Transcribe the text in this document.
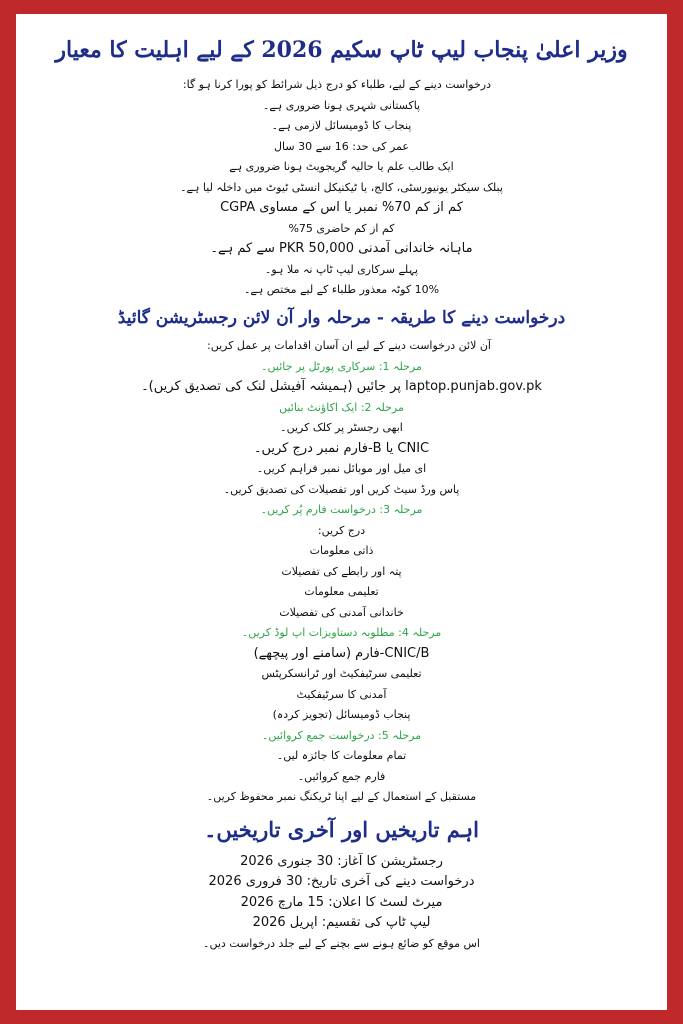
وزیر اعلیٰ پنجاب لیپ ٹاپ سکیم 2026 کے لیے اہلیت کا معیار
درخواست دینے کے لیے، طلباء کو درج ذیل شرائط کو پورا کرنا ہو گا:
پاکستانی شہری ہونا ضروری ہے۔
پنجاب کا ڈومیسائل لازمی ہے۔
عمر کی حد: 16 سے 30 سال
ایک طالب علم یا حالیہ گریجویٹ ہونا ضروری ہے
پبلک سیکٹر یونیورسٹی، کالج، یا ٹیکنیکل انسٹی ٹیوٹ میں داخلہ لیا ہے۔
کم از کم 70% نمبر یا اس کے مساوی CGPA
کم از کم حاضری 75%
ماہانہ خاندانی آمدنی PKR 50,000 سے کم ہے۔
پہلے سرکاری لیپ ٹاپ نہ ملا ہو۔
10% کوٹہ معذور طلباء کے لیے مختص ہے۔
درخواست دینے کا طریقہ - مرحلہ وار آن لائن رجسٹریشن گائیڈ
آن لائن درخواست دینے کے لیے ان آسان اقدامات پر عمل کریں:
مرحلہ 1: سرکاری پورٹل پر جائیں۔
laptop.punjab.gov.pk پر جائیں (ہمیشہ آفیشل لنک کی تصدیق کریں)۔
مرحلہ 2: ایک اکاؤنٹ بنائیں
ابھی رجسٹر پر کلک کریں۔
CNIC یا B-فارم نمبر درج کریں۔
ای میل اور موبائل نمبر فراہم کریں۔
پاس ورڈ سیٹ کریں اور تفصیلات کی تصدیق کریں۔
مرحلہ 3: درخواست فارم پُر کریں۔
درج کریں:
ذاتی معلومات
پتہ اور رابطے کی تفصیلات
تعلیمی معلومات
خاندانی آمدنی کی تفصیلات
مرحلہ 4: مطلوبہ دستاویزات اپ لوڈ کریں۔
CNIC/B-فارم (سامنے اور پیچھے)
تعلیمی سرٹیفکیٹ اور ٹرانسکرپٹس
آمدنی کا سرٹیفکیٹ
پنجاب ڈومیسائل (تجویز کردہ)
مرحلہ 5: درخواست جمع کروائیں۔
تمام معلومات کا جائزہ لیں۔
فارم جمع کروائیں۔
مستقبل کے استعمال کے لیے اپنا ٹریکنگ نمبر محفوظ کریں۔
اہم تاریخیں اور آخری تاریخیں۔
رجسٹریشن کا آغاز: 30 جنوری 2026
درخواست دینے کی آخری تاریخ: 30 فروری 2026
میرٹ لسٹ کا اعلان: 15 مارچ 2026
لیپ ٹاپ کی تقسیم: اپریل 2026
اس موقع کو ضائع ہونے سے بچنے کے لیے جلد درخواست دیں۔
